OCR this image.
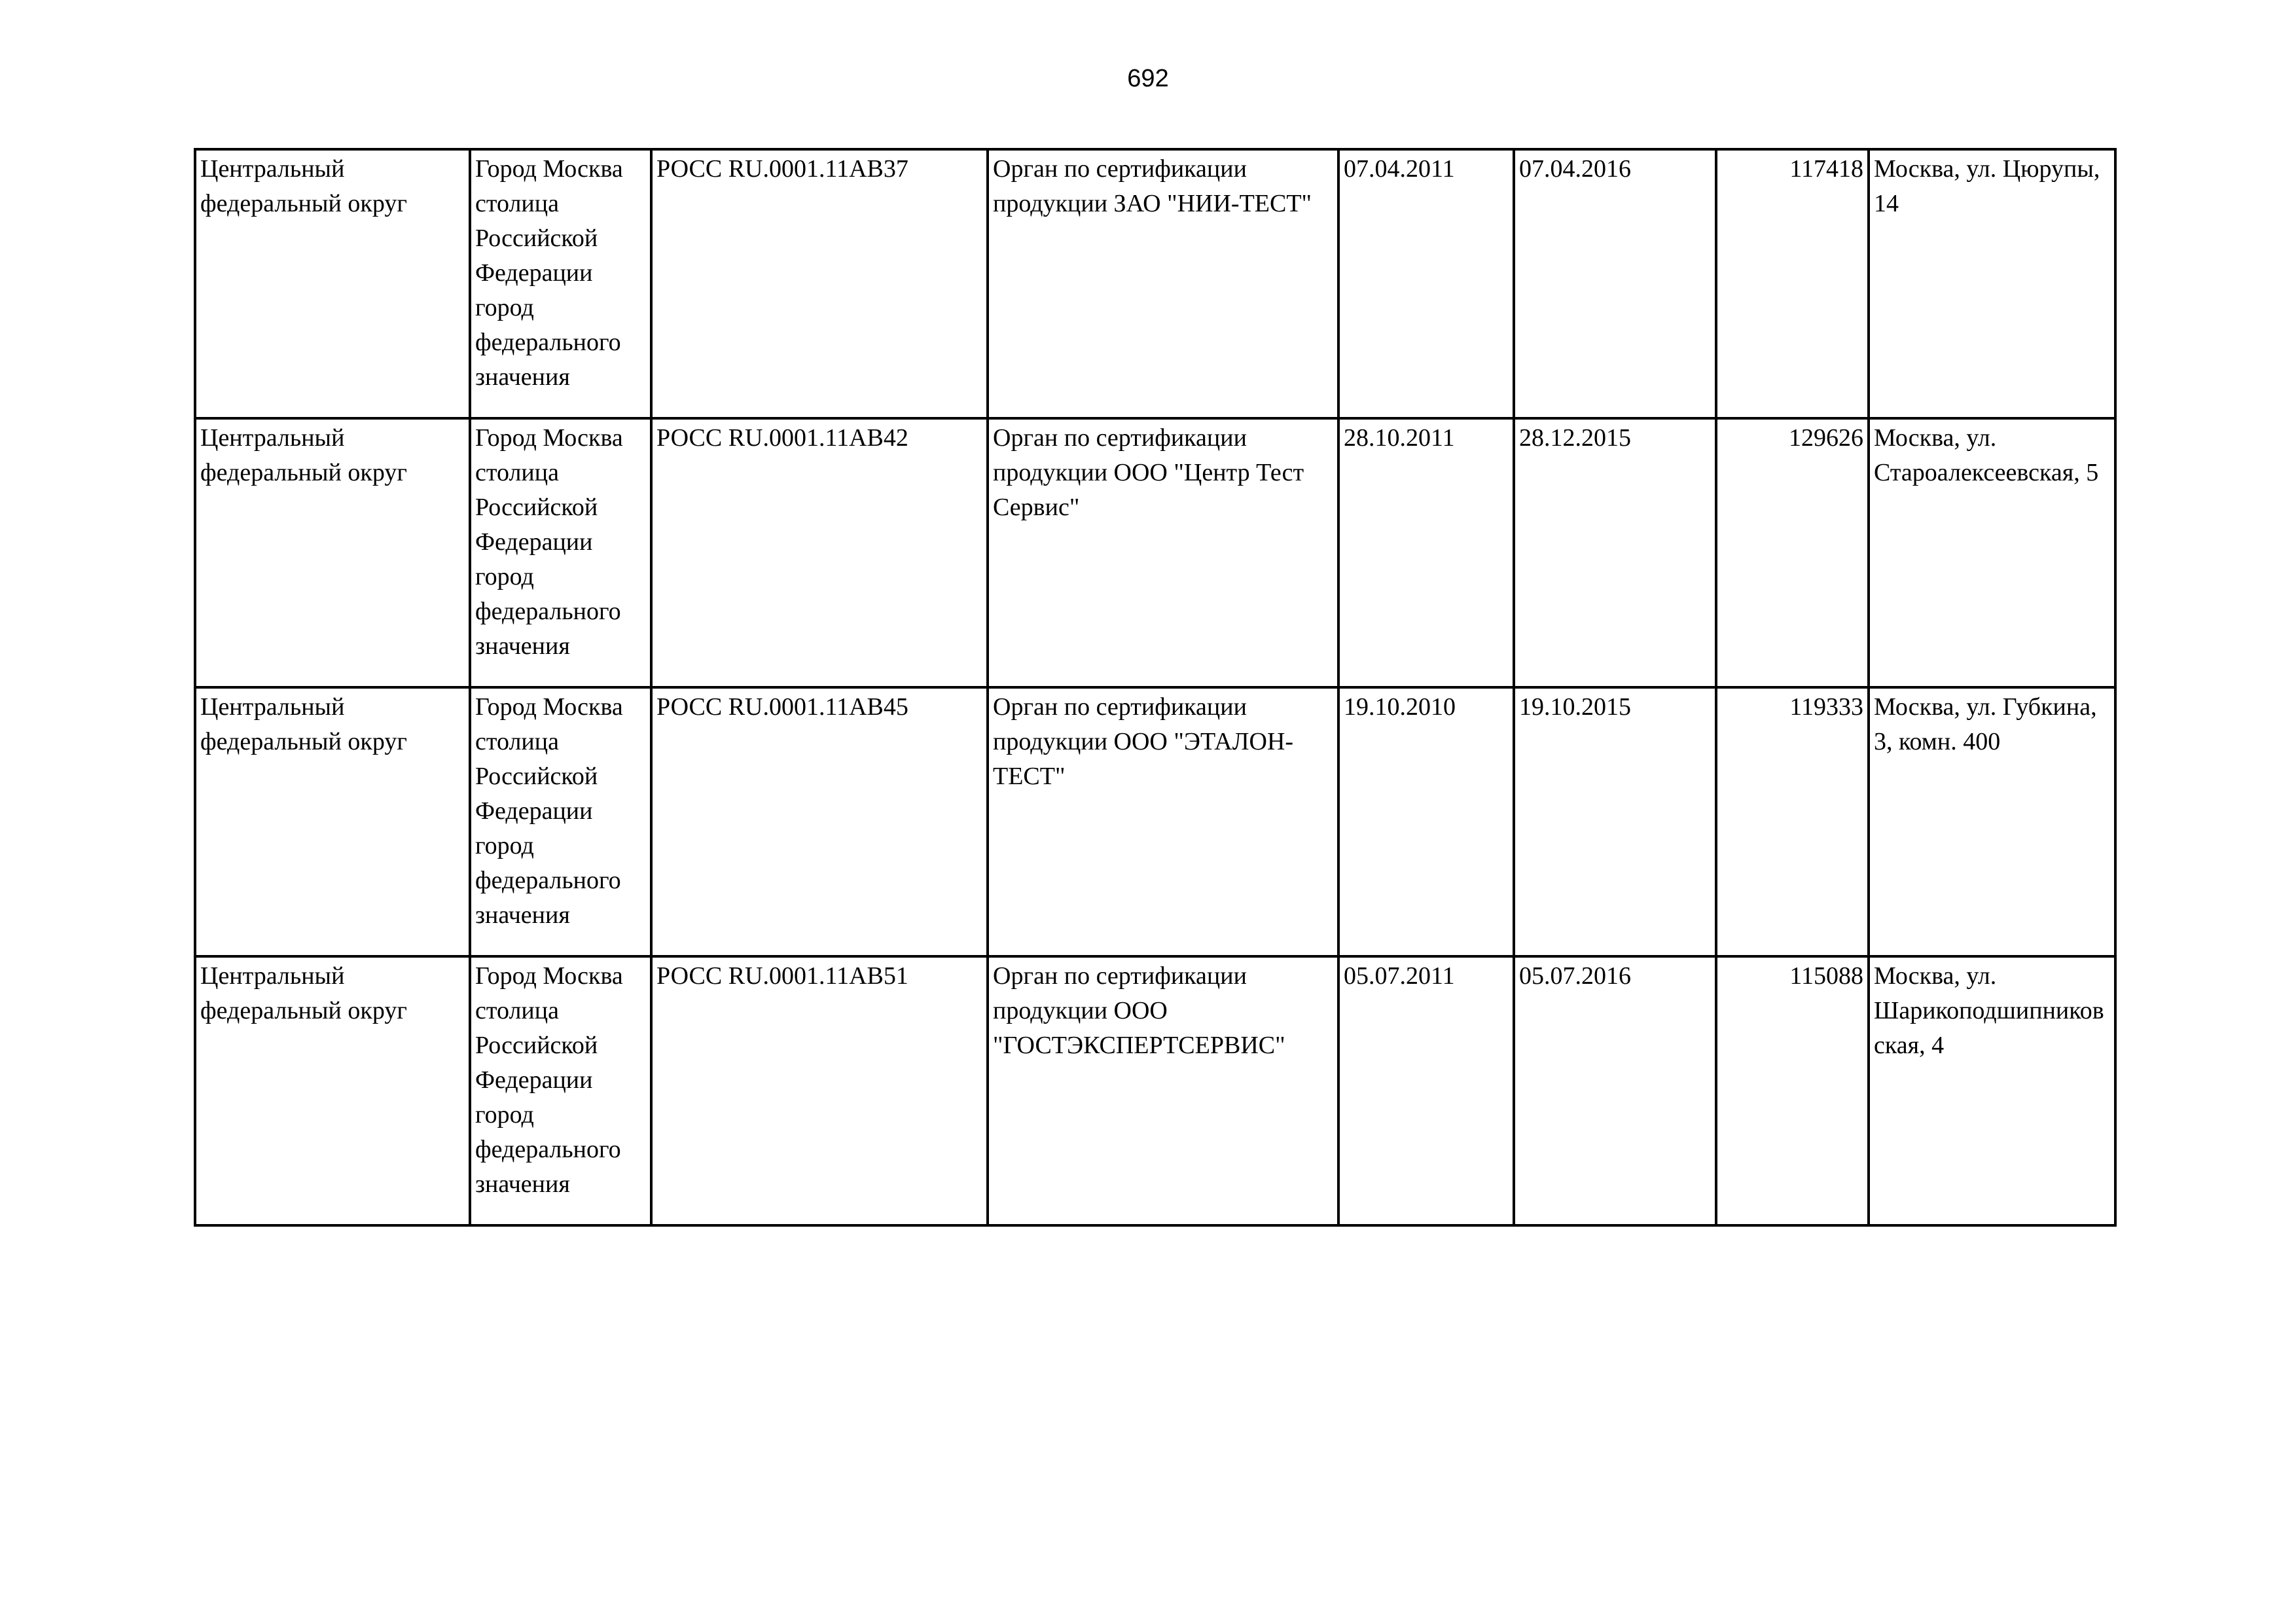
692
Центральный федеральный округ	Город Москва столица Российской Федерации город федерального значения	РОСС RU.0001.11АВ37	Орган по сертификации продукции ЗАО "НИИ-ТЕСТ"	07.04.2011	07.04.2016	117418	Москва, ул. Цюрупы, 14

Центральный федеральный округ	Город Москва столица Российской Федерации город федерального значения	РОСС RU.0001.11АВ42	Орган по сертификации продукции ООО "Центр Тест Сервис"	28.10.2011	28.12.2015	129626	Москва, ул. Староалексеевская, 5

Центральный федеральный округ	Город Москва столица Российской Федерации город федерального значения	РОСС RU.0001.11АВ45	Орган по сертификации продукции ООО "ЭТАЛОН-ТЕСТ"	19.10.2010	19.10.2015	119333	Москва, ул. Губкина, 3, комн. 400

Центральный федеральный округ	Город Москва столица Российской Федерации город федерального значения	РОСС RU.0001.11АВ51	Орган по сертификации продукции ООО "ГОСТЭКСПЕРТСЕРВИС"	05.07.2011	05.07.2016	115088	Москва, ул. Шарикоподшипниковская, 4
